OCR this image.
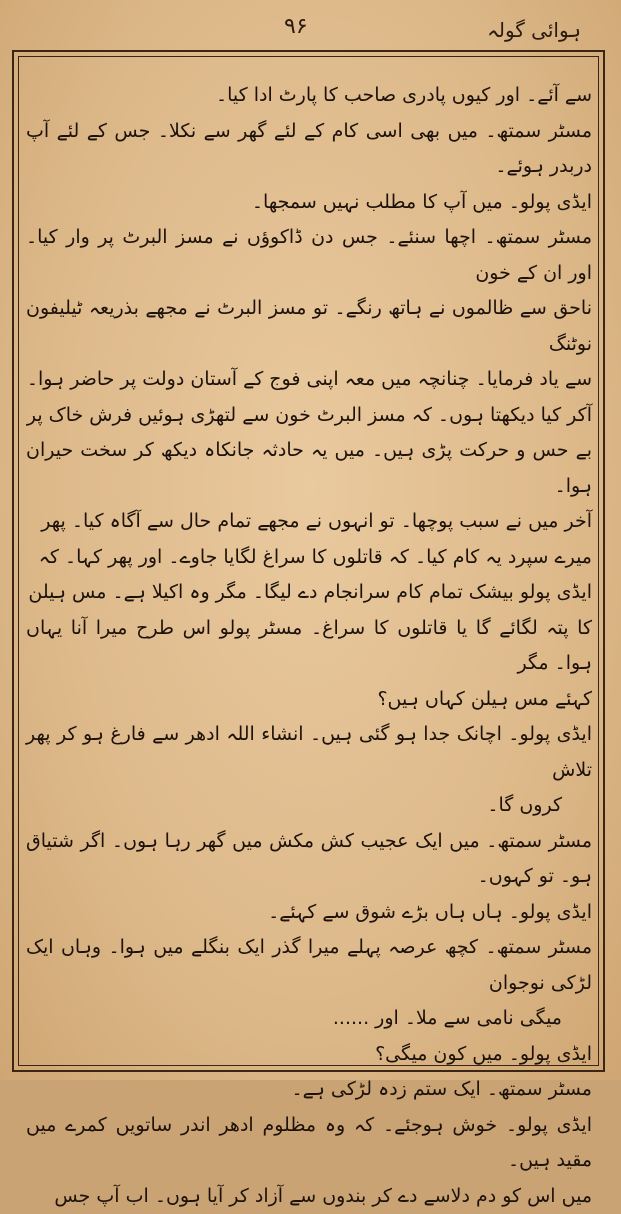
ہوائی گولہ
۹۶

سے آئے۔ اور کیوں پادری صاحب کا پارٹ ادا کیا۔

مسٹر سمتھ۔ میں بھی اسی کام کے لئے گھر سے نکلا۔ جس کے لئے آپ دربدر ہوئے۔

ایڈی پولو۔ میں آپ کا مطلب نہیں سمجھا۔

مسٹر سمتھ۔ اچھا سنئے۔ جس دن ڈاکوؤں نے مسز البرٹ پر وار کیا۔ اور ان کے خون

ناحق سے ظالموں نے ہاتھ رنگے۔ تو مسز البرٹ نے مجھے بذریعہ ٹیلیفون نوٹنگ

سے یاد فرمایا۔ چنانچہ میں معہ اپنی فوج کے آستان دولت پر حاضر ہوا۔

آکر کیا دیکھتا ہوں۔ کہ مسز البرٹ خون سے لتھڑی ہوئیں فرش خاک پر

بے حس و حرکت پڑی ہیں۔ میں یہ حادثہ جانکاہ دیکھ کر سخت حیران ہوا۔

آخر میں نے سبب پوچھا۔ تو انہوں نے مجھے تمام حال سے آگاہ کیا۔ پھر

میرے سپرد یہ کام کیا۔ کہ قاتلوں کا سراغ لگایا جاوے۔ اور پھر کہا۔ کہ

ایڈی پولو بیشک تمام کام سرانجام دے لیگا۔ مگر وہ اکیلا ہے۔ مس ہیلن

کا پتہ لگائے گا یا قاتلوں کا سراغ۔ مسٹر پولو اس طرح میرا آنا یہاں ہوا۔ مگر

کہئے مس ہیلن کہاں ہیں؟

ایڈی پولو۔ اچانک جدا ہو گئی ہیں۔ انشاء اللہ ادھر سے فارغ ہو کر پھر تلاش

کروں گا۔

مسٹر سمتھ۔ میں ایک عجیب کش مکش میں گھر رہا ہوں۔ اگر شتیاق ہو۔ تو کہوں۔

ایڈی پولو۔ ہاں ہاں بڑے شوق سے کہئے۔

مسٹر سمتھ۔ کچھ عرصہ پہلے میرا گذر ایک بنگلے میں ہوا۔ وہاں ایک لڑکی نوجوان

میگی نامی سے ملا۔ اور ......

ایڈی پولو۔ میں کون میگی؟

مسٹر سمتھ۔ ایک ستم زدہ لڑکی ہے۔

ایڈی پولو۔ خوش ہوجئے۔ کہ وہ مظلوم ادھر اندر ساتویں کمرے میں مقید ہیں۔

میں اس کو دم دلاسے دے کر بندوں سے آزاد کر آیا ہوں۔ اب آپ جس
